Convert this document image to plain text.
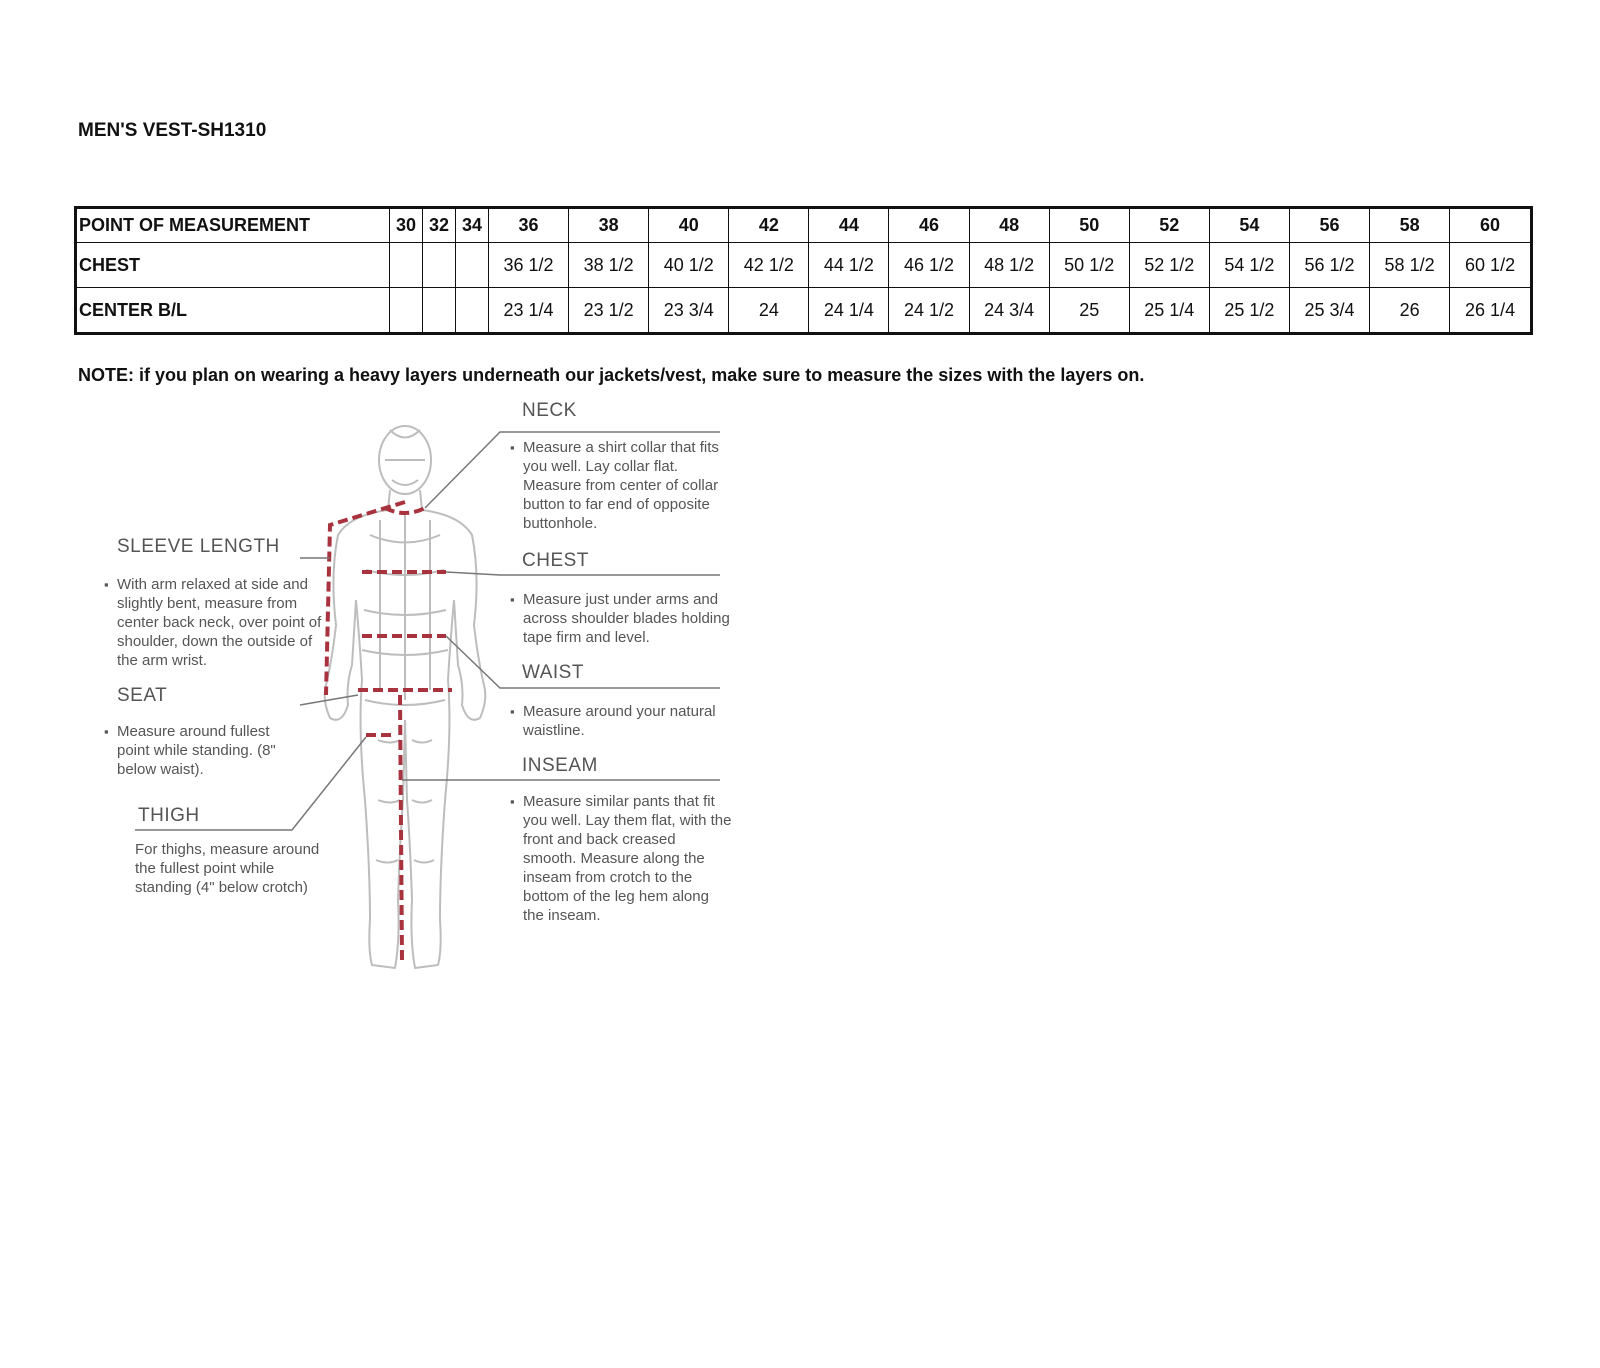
MEN'S VEST-SH1310
POINT OF MEASUREMENT	30	32	34	36	38	40	42	44	46	48	50	52	54	56	58	60
CHEST				36 1/2	38 1/2	40 1/2	42 1/2	44 1/2	46 1/2	48 1/2	50 1/2	52 1/2	54 1/2	56 1/2	58 1/2	60 1/2
CENTER B/L				23 1/4	23 1/2	23 3/4	24	24 1/4	24 1/2	24 3/4	25	25 1/4	25 1/2	25 3/4	26	26 1/4
NOTE: if you plan on wearing a heavy layers underneath our jackets/vest, make sure to measure the sizes with the layers on.
NECK
▪ Measure a shirt collar that fits you well. Lay collar flat. Measure from center of collar button to far end of opposite buttonhole.
CHEST
▪ Measure just under arms and across shoulder blades holding tape firm and level.
WAIST
▪ Measure around your natural waistline.
INSEAM
▪ Measure similar pants that fit you well. Lay them flat, with the front and back creased smooth. Measure along the inseam from crotch to the bottom of the leg hem along the inseam.
SLEEVE LENGTH
▪ With arm relaxed at side and slightly bent, measure from center back neck, over point of shoulder, down the outside of the arm wrist.
SEAT
▪ Measure around fullest point while standing. (8" below waist).
THIGH
For thighs, measure around the fullest point while standing (4" below crotch)
